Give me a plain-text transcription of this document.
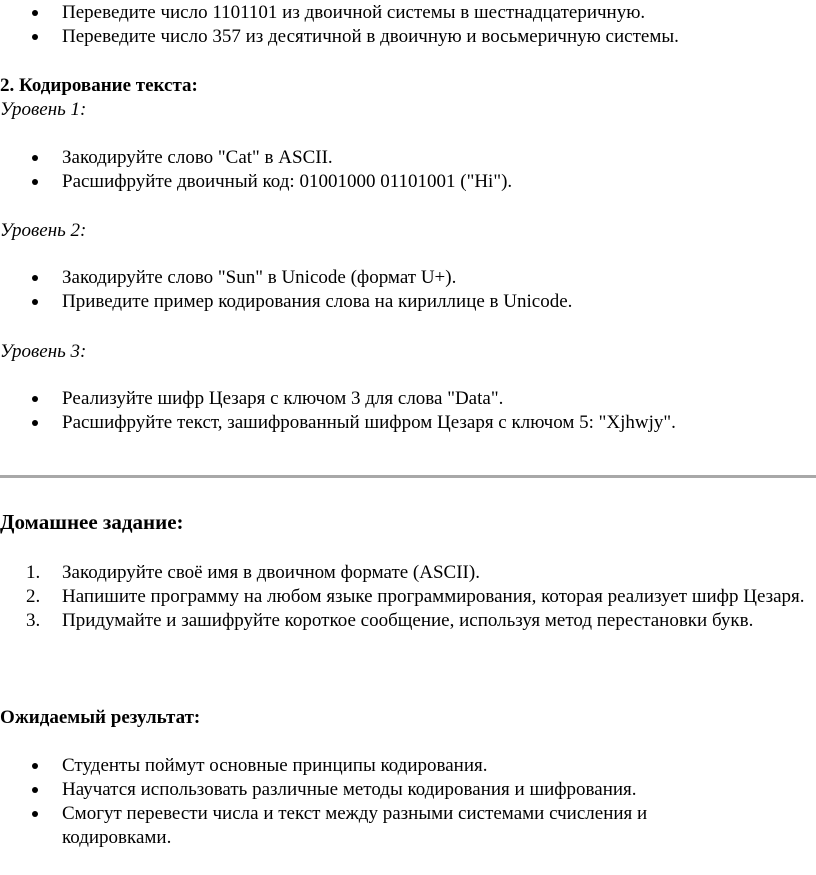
Переведите число 1101101 из двоичной системы в шестнадцатеричную.
Переведите число 357 из десятичной в двоичную и восьмеричную системы.

2. Кодирование текста:

Уровень 1:

Закодируйте слово "Cat" в ASCII.
Расшифруйте двоичный код: 01001000 01101001 ("Hi").

Уровень 2:

Закодируйте слово "Sun" в Unicode (формат U+).
Приведите пример кодирования слова на кириллице в Unicode.

Уровень 3:

Реализуйте шифр Цезаря с ключом 3 для слова "Data".
Расшифруйте текст, зашифрованный шифром Цезаря с ключом 5: "Xjhwjy".

Домашнее задание:

1. Закодируйте своё имя в двоичном формате (ASCII).
2. Напишите программу на любом языке программирования, которая реализует шифр Цезаря.
3. Придумайте и зашифруйте короткое сообщение, используя метод перестановки букв.

Ожидаемый результат:

Студенты поймут основные принципы кодирования.
Научатся использовать различные методы кодирования и шифрования.
Смогут перевести числа и текст между разными системами счисления и кодировками.
